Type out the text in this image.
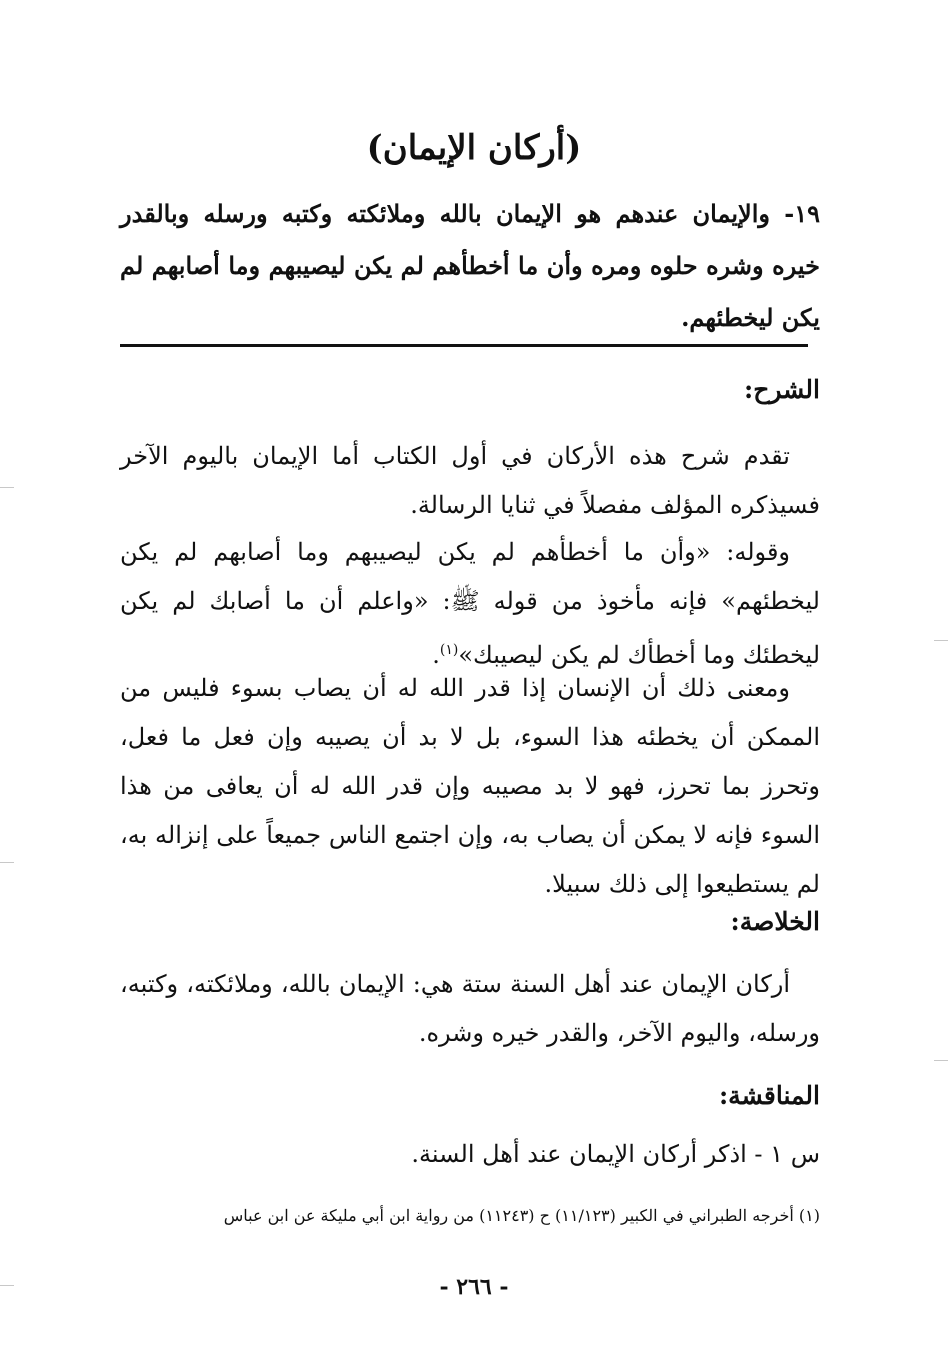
(أركان الإيمان)
١٩- والإيمان عندهم هو الإيمان بالله وملائكته وكتبه ورسله وبالقدر خيره وشره حلوه ومره وأن ما أخطأهم لم يكن ليصيبهم وما أصابهم لم يكن ليخطئهم.
الشرح:
تقدم شرح هذه الأركان في أول الكتاب أما الإيمان باليوم الآخر فسيذكره المؤلف مفصلاً في ثنايا الرسالة.
وقوله: «وأن ما أخطأهم لم يكن ليصيبهم وما أصابهم لم يكن ليخطئهم» فإنه مأخوذ من قوله ﷺ: «واعلم أن ما أصابك لم يكن ليخطئك وما أخطأك لم يكن ليصيبك»$^{(١)}$.
ومعنى ذلك أن الإنسان إذا قدر الله له أن يصاب بسوء فليس من الممكن أن يخطئه هذا السوء، بل لا بد أن يصيبه وإن فعل ما فعل، وتحرز بما تحرز، فهو لا بد مصيبه وإن قدر الله له أن يعافى من هذا السوء فإنه لا يمكن أن يصاب به، وإن اجتمع الناس جميعاً على إنزاله به، لم يستطيعوا إلى ذلك سبيلا.
الخلاصة:
أركان الإيمان عند أهل السنة ستة هي: الإيمان بالله، وملائكته، وكتبه، ورسله، واليوم الآخر، والقدر خيره وشره.
المناقشة:
س ١ - اذكر أركان الإيمان عند أهل السنة.
(١) أخرجه الطبراني في الكبير (١١/١٢٣) ح (١١٢٤٣) من رواية ابن أبي مليكة عن ابن عباس
- ٢٦٦ -
